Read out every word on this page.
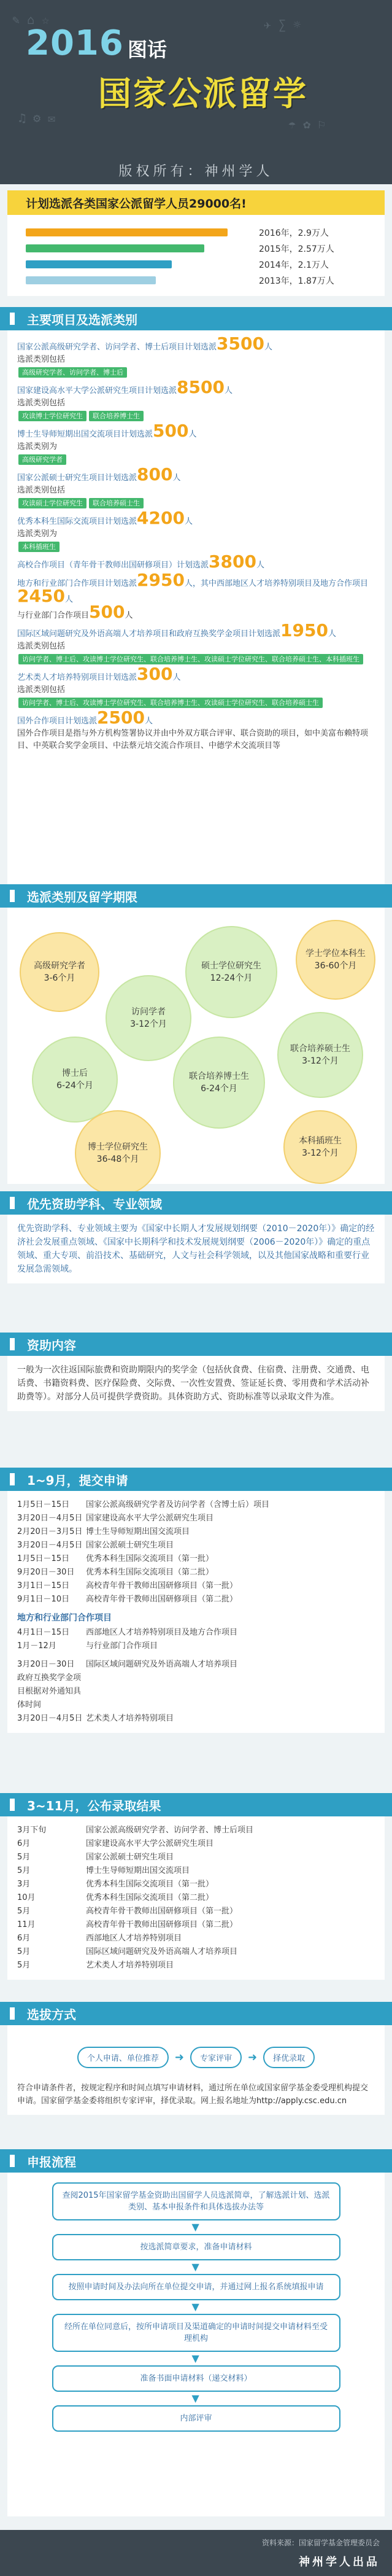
✎ ⌂ ☆	✈ ∑ ☼
♫ ⚙ ✉	☂ ✿ ⚐
2016 图话
国家公派留学
版权所有：神州学人
计划选派各类国家公派留学人员29000名!
2016年，2.9万人
2015年，2.57万人
2014年，2.1万人
2013年，1.87万人
主要项目及选派类别
国家公派高级研究学者、访问学者、博士后项目计划选派3500人
选派类别包括
高级研究学者、访问学者、博士后
国家建设高水平大学公派研究生项目计划选派8500人
选派类别包括
攻读博士学位研究生 联合培养博士生
博士生导师短期出国交流项目计划选派500人
选派类别为
高级研究学者
国家公派硕士研究生项目计划选派800人
选派类别包括
攻读硕士学位研究生 联合培养硕士生
优秀本科生国际交流项目计划选派4200人
选派类别为
本科插班生
高校合作项目（青年骨干教师出国研修项目）计划选派3800人
地方和行业部门合作项目计划选派2950人，其中西部地区人才培养特别项目及地方合作项目2450人
与行业部门合作项目500人
国际区域问题研究及外语高端人才培养项目和政府互换奖学金项目计划选派1950人
选派类别包括
访问学者、博士后、攻读博士学位研究生、联合培养博士生、攻读硕士学位研究生、联合培养硕士生、本科插班生
艺术类人才培养特别项目计划选派300人
选派类别包括
访问学者、博士后、攻读博士学位研究生、联合培养博士生、攻读硕士学位研究生、联合培养硕士生
国外合作项目计划选派2500人
国外合作项目是指与外方机构签署协议并由中外双方联合评审、联合资助的项目，如中美富布赖特项目、中英联合奖学金项目、中法蔡元培交流合作项目、中德学术交流项目等
选派类别及留学期限
高级研究学者
3-6个月
访问学者
3-12个月
硕士学位研究生
12-24个月
学士学位本科生
36-60个月
博士后
6-24个月
联合培养硕士生
3-12个月
联合培养博士生
6-24个月
博士学位研究生
36-48个月
本科插班生
3-12个月
优先资助学科、专业领域
优先资助学科、专业领域主要为《国家中长期人才发展规划纲要（2010－2020年）》确定的经济社会发展重点领域、《国家中长期科学和技术发展规划纲要（2006－2020年）》确定的重点领域、重大专项、前沿技术、基础研究，人文与社会科学领域，以及其他国家战略和重要行业发展急需领域。
资助内容
一般为一次往返国际旅费和资助期限内的奖学金（包括伙食费、住宿费、注册费、交通费、电话费、书籍资料费、医疗保险费、交际费、一次性安置费、签证延长费、零用费和学术活动补助费等）。对部分人员可提供学费资助。具体资助方式、资助标准等以录取文件为准。
1~9月，提交申请
1月5日－15日	国家公派高级研究学者及访问学者（含博士后）项目
3月20日－4月5日 国家建设高水平大学公派研究生项目
2月20日－3月5日 博士生导师短期出国交流项目
3月20日－4月5日 国家公派硕士研究生项目
1月5日－15日	优秀本科生国际交流项目（第一批）
9月20日－30日	优秀本科生国际交流项目（第二批）
3月1日－15日	高校青年骨干教师出国研修项目（第一批）
9月1日－10日	高校青年骨干教师出国研修项目（第二批）
地方和行业部门合作项目
4月1日－15日	西部地区人才培养特别项目及地方合作项目
1月－12月	与行业部门合作项目
3月20日－30日	国际区域问题研究及外语高端人才培养项目
政府互换奖学金项目根据对外通知具体时间
3月20日－4月5日 艺术类人才培养特别项目
3~11月，公布录取结果
3月下旬	国家公派高级研究学者、访问学者、博士后项目
6月	国家建设高水平大学公派研究生项目
5月	国家公派硕士研究生项目
5月	博士生导师短期出国交流项目
3月	优秀本科生国际交流项目（第一批）
10月	优秀本科生国际交流项目（第二批）
5月	高校青年骨干教师出国研修项目（第一批）
11月	高校青年骨干教师出国研修项目（第二批）
6月	西部地区人才培养特别项目
5月	国际区域问题研究及外语高端人才培养项目
5月	艺术类人才培养特别项目
选拔方式
个人申请、单位推荐	➜	专家评审	➜	择优录取
符合申请条件者，按规定程序和时间点填写申请材料，通过所在单位或国家留学基金委受理机构提交申请。国家留学基金委将组织专家评审，择优录取。网上报名地址为http://apply.csc.edu.cn
申报流程
查阅2015年国家留学基金资助出国留学人员选派简章，了解选派计划、选派类别、基本申报条件和具体选拔办法等 ▼
按选派简章要求，准备申请材料 ▼
按照申请时间及办法向所在单位提交申请，并通过网上报名系统填报申请 ▼
经所在单位同意后，按所申请项目及渠道确定的申请时间提交申请材料至受理机构 ▼
准备书面申请材料（递交材料） ▼
内部评审
资料来源：国家留学基金管理委员会
神州学人出品
